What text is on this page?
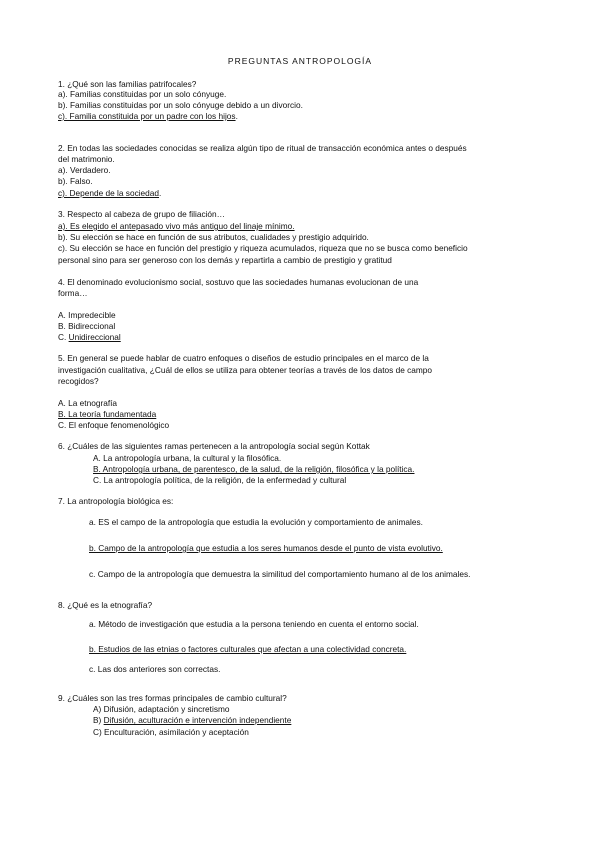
PREGUNTAS ANTROPOLOGÍA
1. ¿Qué son las familias patrifocales?
a). Familias constituidas por un solo cónyuge.
b). Familias constituidas por un solo cónyuge debido a un divorcio.
c). Familia constituida por un padre con los hijos.
2. En todas las sociedades conocidas se realiza algún tipo de ritual de transacción económica antes o después
del matrimonio.
a). Verdadero.
b). Falso.
c). Depende de la sociedad.
3. Respecto al cabeza de grupo de filiación…
a). Es elegido el antepasado vivo más antiguo del linaje mínimo.
b). Su elección se hace en función de sus atributos, cualidades y prestigio adquirido.
c). Su elección se hace en función del prestigio y riqueza acumulados, riqueza que no se busca como beneficio
personal sino para ser generoso con los demás y repartirla a cambio de prestigio y gratitud
4. El denominado evolucionismo social, sostuvo que las sociedades humanas evolucionan de una
forma…
A. Impredecible
B. Bidireccional
C. Unidireccional
5. En general se puede hablar de cuatro enfoques o diseños de estudio principales en el marco de la
investigación cualitativa, ¿Cuál de ellos se utiliza para obtener teorías a través de los datos de campo
recogidos?
A. La etnografía
B. La teoría fundamentada
C. El enfoque fenomenológico
6. ¿Cuáles de las siguientes ramas pertenecen a la antropología social según Kottak
A. La antropología urbana, la cultural y la filosófica.
B. Antropología urbana, de parentesco, de la salud, de la religión, filosófica y la política.
C. La antropología política, de la religión, de la enfermedad y cultural
7. La antropología biológica es:
a. ES el campo de la antropología que estudia la evolución y comportamiento de animales.
b. Campo de la antropología que estudia a los seres humanos desde el punto de vista evolutivo.
c. Campo de la antropología que demuestra la similitud del comportamiento humano al de los animales.
8. ¿Qué es la etnografía?
a. Método de investigación que estudia a la persona teniendo en cuenta el entorno social.
b. Estudios de las etnias o factores culturales que afectan a una colectividad concreta.
c. Las dos anteriores son correctas.
9. ¿Cuáles son las tres formas principales de cambio cultural?
A) Difusión, adaptación y sincretismo
B) Difusión, aculturación e intervención independiente
C) Enculturación, asimilación y aceptación
